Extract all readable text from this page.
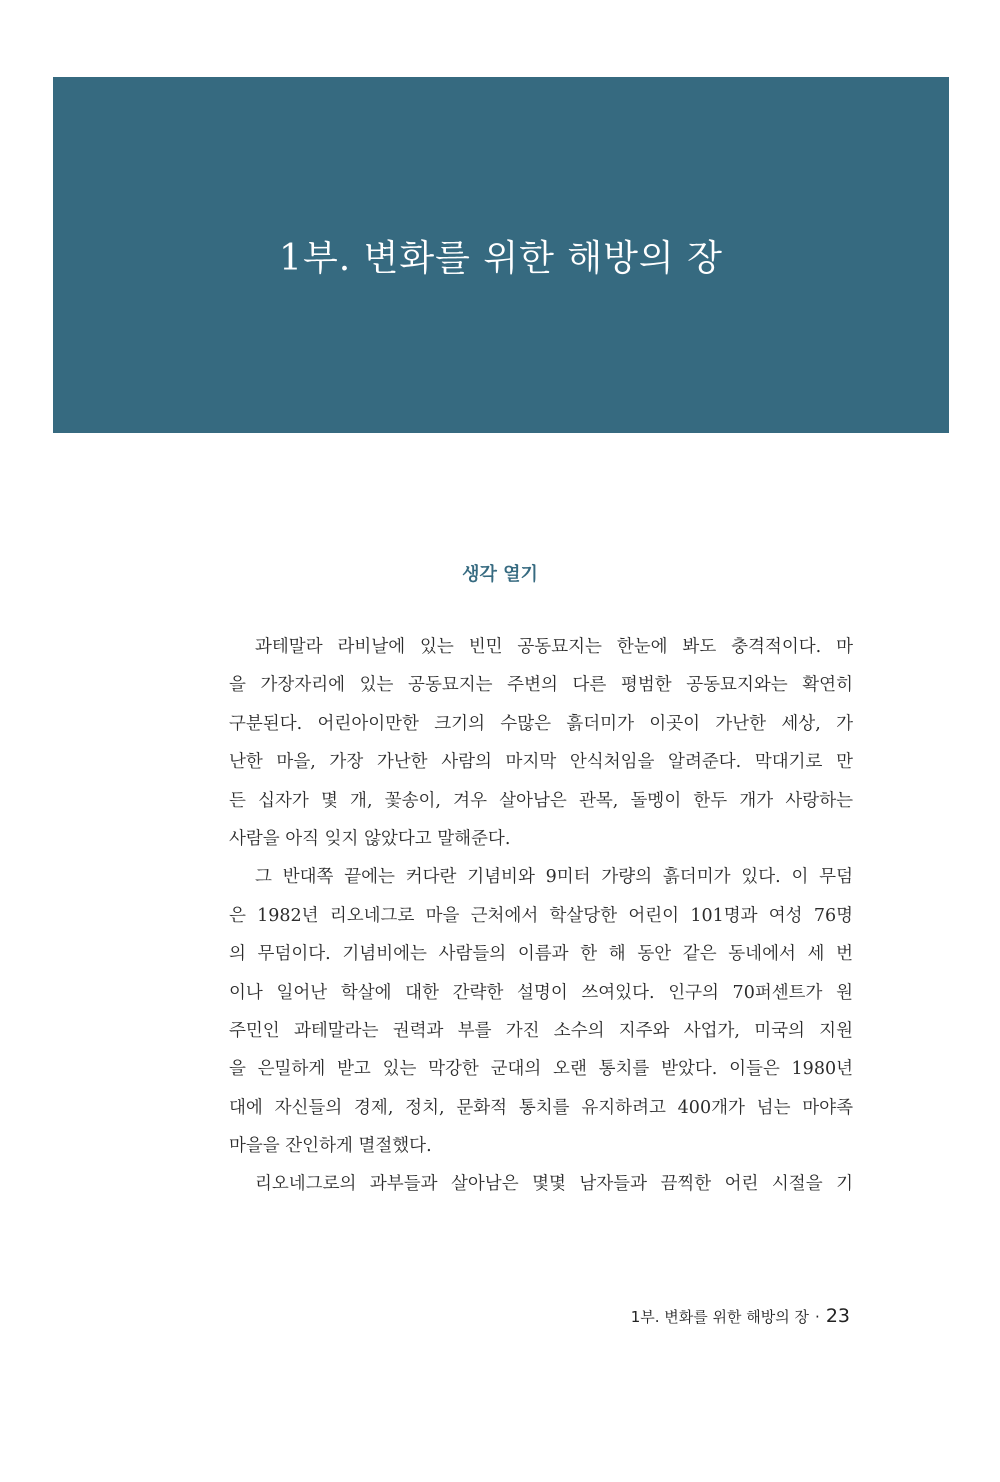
1부. 변화를 위한 해방의 장
생각 열기
과테말라 라비날에 있는 빈민 공동묘지는 한눈에 봐도 충격적이다. 마
을 가장자리에 있는 공동묘지는 주변의 다른 평범한 공동묘지와는 확연히
구분된다. 어린아이만한 크기의 수많은 흙더미가 이곳이 가난한 세상, 가
난한 마을, 가장 가난한 사람의 마지막 안식처임을 알려준다. 막대기로 만
든 십자가 몇 개, 꽃송이, 겨우 살아남은 관목, 돌멩이 한두 개가 사랑하는
사람을 아직 잊지 않았다고 말해준다.
그 반대쪽 끝에는 커다란 기념비와 9미터 가량의 흙더미가 있다. 이 무덤
은 1982년 리오네그로 마을 근처에서 학살당한 어린이 101명과 여성 76명
의 무덤이다. 기념비에는 사람들의 이름과 한 해 동안 같은 동네에서 세 번
이나 일어난 학살에 대한 간략한 설명이 쓰여있다. 인구의 70퍼센트가 원
주민인 과테말라는 권력과 부를 가진 소수의 지주와 사업가, 미국의 지원
을 은밀하게 받고 있는 막강한 군대의 오랜 통치를 받았다. 이들은 1980년
대에 자신들의 경제, 정치, 문화적 통치를 유지하려고 400개가 넘는 마야족
마을을 잔인하게 멸절했다.
리오네그로의 과부들과 살아남은 몇몇 남자들과 끔찍한 어린 시절을 기
1부. 변화를 위한 해방의 장 · 23
